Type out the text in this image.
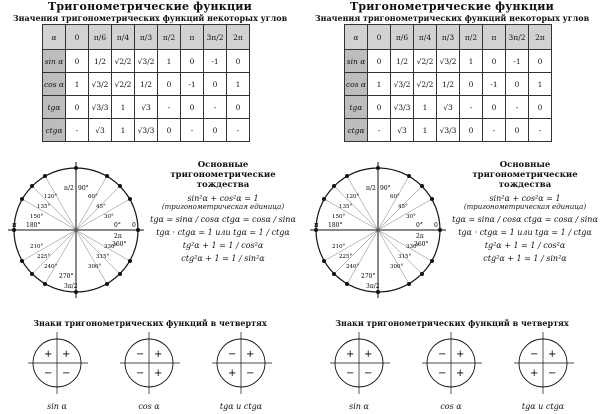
Тригонометрические функции
Значения тригонометрических функций некоторых углов
α	0	π/6	π/4	π/3	π/2	π	3π/2	2π
sin α	0	1/2	√2/2	√3/2	1	0	-1	0
cos α	1	√3/2	√2/2	1/2	0	-1	0	1
tgα	0	√3/3	1	√3	-	0	-	0
ctgα	-	√3	1	√3/3	0	-	0	-
π/2 90°
π 180°	0° 0
270°
3π/2
2π
360°
120°
135°
150°
60°
45°
30°
210°
225°
240°	300°
315°
330°
Основные тригонометрические тождества
sin²α + cos²α = 1
(тригонометрическая единица)
tgα = sinα / cosα ctgα = cosα / sinα
tgα · ctgα = 1 или tgα = 1 / ctgα
tg²α + 1 = 1 / cos²α
ctg²α + 1 = 1 / sin²α
Знаки тригонометрических функций в четвертях
+
+
− −
sin α
+
−
− +
cos α
+
−
+ −
tgα и ctgα
Тригонометрические функции
Значения тригонометрических функций некоторых углов
α	0	π/6	π/4	π/3	π/2	π	3π/2	2π
sin α	0	1/2	√2/2	√3/2	1	0	-1	0
cos α	1	√3/2	√2/2	1/2	0	-1	0	1
tgα	0	√3/3	1	√3	-	0	-	0
ctgα	-	√3	1	√3/3	0	-	0	-
π/2 90°
π 180°	0° 0
270°
3π/2
2π
360°
120°
135°
150°
60°
45°
30°
210°
225°
240°	300°
315°
330°
Основные тригонометрические тождества
sin²α + cos²α = 1
(тригонометрическая единица)
tgα = sinα / cosα ctgα = cosα / sinα
tgα · ctgα = 1 или tgα = 1 / ctgα
tg²α + 1 = 1 / cos²α
ctg²α + 1 = 1 / sin²α
Знаки тригонометрических функций в четвертях
+
+
− −
sin α
+
−
− +
cos α
+
−
+ −
tgα и ctgα
